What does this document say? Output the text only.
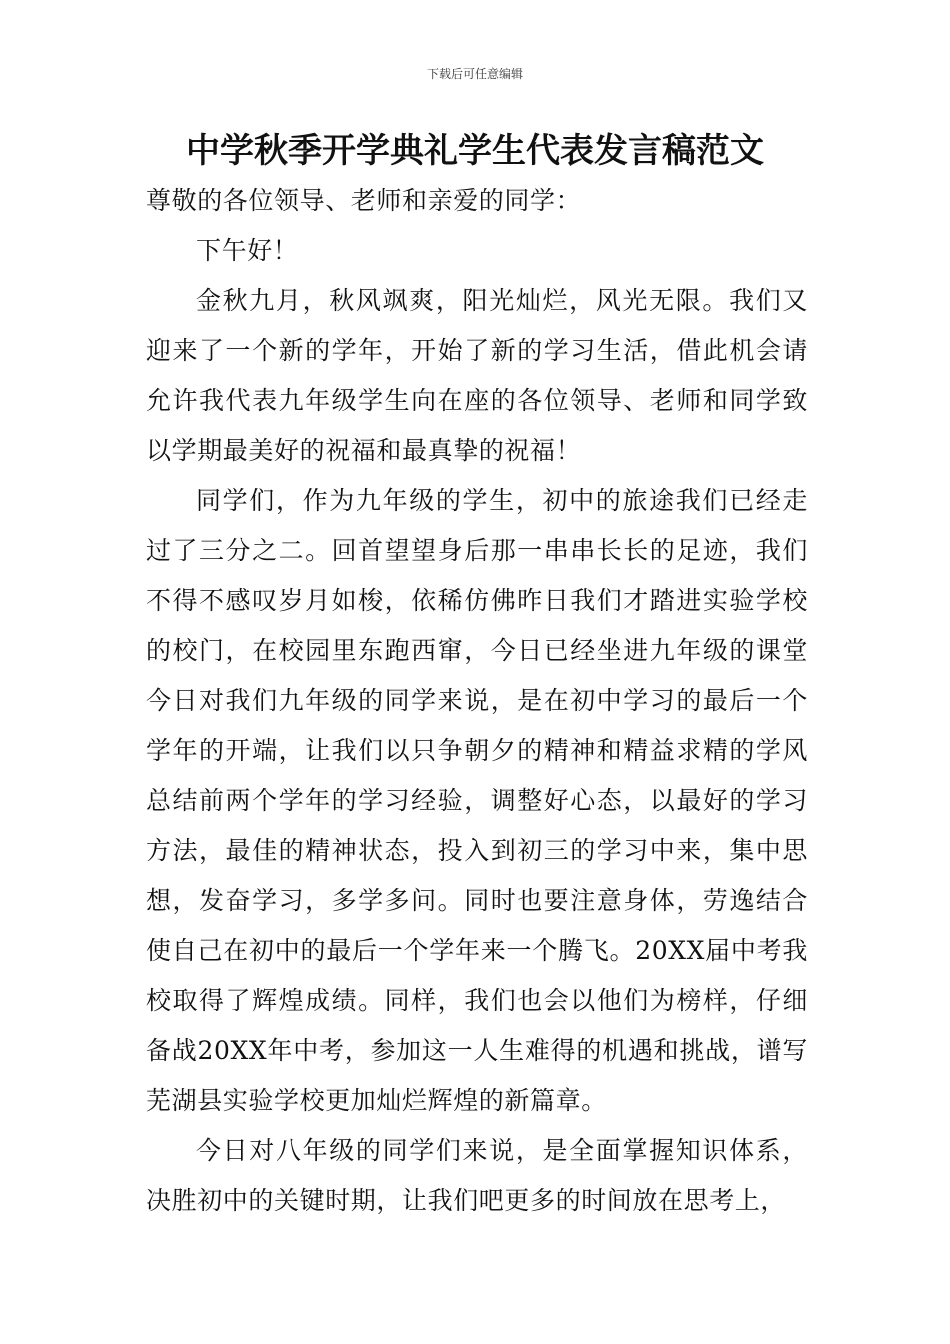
下载后可任意编辑
中学秋季开学典礼学生代表发言稿范文

尊敬的各位领导、老师和亲爱的同学：

下午好！

金秋九月，秋风飒爽，阳光灿烂，风光无限。我们又迎来了一个新的学年，开始了新的学习生活，借此机会请允许我代表九年级学生向在座的各位领导、老师和同学致以学期最美好的祝福和最真挚的祝福！

同学们，作为九年级的学生，初中的旅途我们已经走过了三分之二。回首望望身后那一串串长长的足迹，我们不得不感叹岁月如梭，依稀仿佛昨日我们才踏进实验学校的校门，在校园里东跑西窜，今日已经坐进九年级的课堂今日对我们九年级的同学来说，是在初中学习的最后一个学年的开端，让我们以只争朝夕的精神和精益求精的学风总结前两个学年的学习经验，调整好心态，以最好的学习方法，最佳的精神状态，投入到初三的学习中来，集中思想，发奋学习，多学多问。同时也要注意身体，劳逸结合使自己在初中的最后一个学年来一个腾飞。20XX届中考我校取得了辉煌成绩。同样，我们也会以他们为榜样，仔细备战20XX年中考，参加这一人生难得的机遇和挑战，谱写芜湖县实验学校更加灿烂辉煌的新篇章。

今日对八年级的同学们来说，是全面掌握知识体系，决胜初中的关键时期，让我们吧更多的时间放在思考上，
